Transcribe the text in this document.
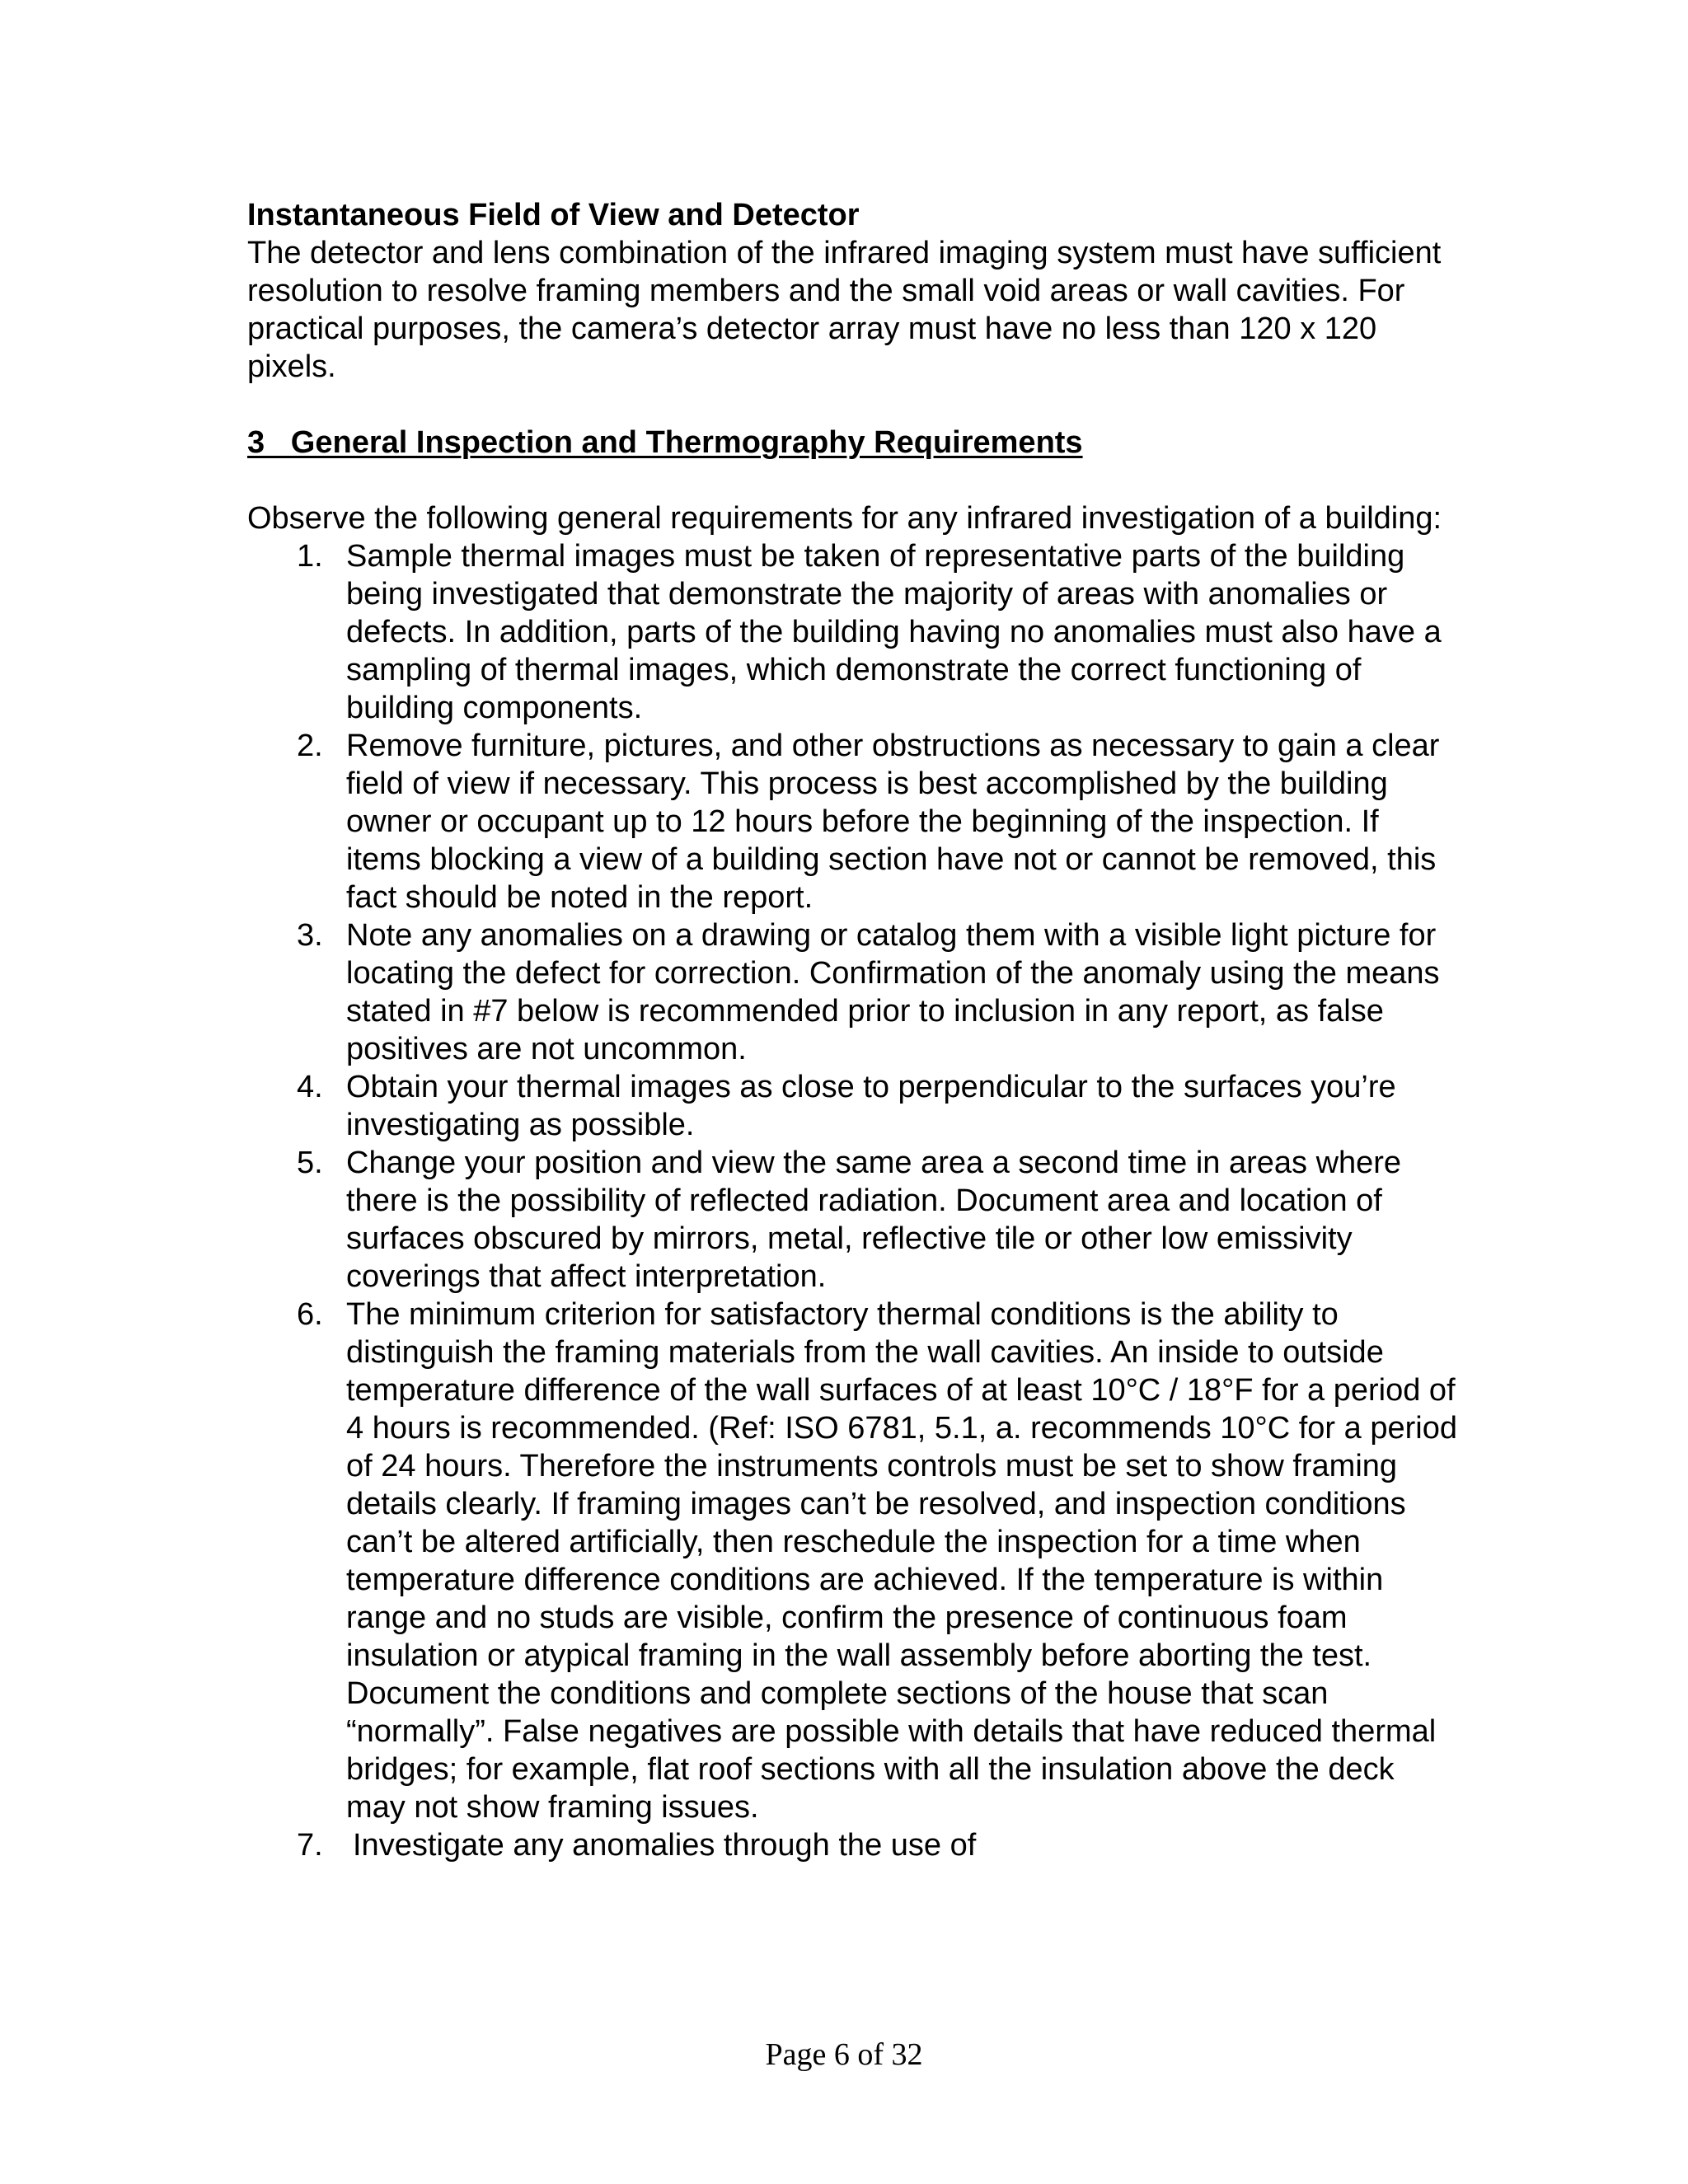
Instantaneous Field of View and Detector

The detector and lens combination of the infrared imaging system must have sufficient resolution to resolve framing members and the small void areas or wall cavities. For practical purposes, the camera’s detector array must have no less than 120 x 120 pixels.

3   General Inspection and Thermography Requirements

Observe the following general requirements for any infrared investigation of a building:

1. Sample thermal images must be taken of representative parts of the building being investigated that demonstrate the majority of areas with anomalies or defects. In addition, parts of the building having no anomalies must also have a sampling of thermal images, which demonstrate the correct functioning of building components.
2. Remove furniture, pictures, and other obstructions as necessary to gain a clear field of view if necessary. This process is best accomplished by the building owner or occupant up to 12 hours before the beginning of the inspection. If items blocking a view of a building section have not or cannot be removed, this fact should be noted in the report.
3. Note any anomalies on a drawing or catalog them with a visible light picture for locating the defect for correction. Confirmation of the anomaly using the means stated in #7 below is recommended prior to inclusion in any report, as false positives are not uncommon.
4. Obtain your thermal images as close to perpendicular to the surfaces you’re investigating as possible.
5. Change your position and view the same area a second time in areas where there is the possibility of reflected radiation. Document area and location of surfaces obscured by mirrors, metal, reflective tile or other low emissivity coverings that affect interpretation.
6. The minimum criterion for satisfactory thermal conditions is the ability to distinguish the framing materials from the wall cavities. An inside to outside temperature difference of the wall surfaces of at least 10°C / 18°F for a period of 4 hours is recommended. (Ref: ISO 6781, 5.1, a. recommends 10°C for a period of 24 hours. Therefore the instruments controls must be set to show framing details clearly. If framing images can’t be resolved, and inspection conditions can’t be altered artificially, then reschedule the inspection for a time when temperature difference conditions are achieved. If the temperature is within range and no studs are visible, confirm the presence of continuous foam insulation or atypical framing in the wall assembly before aborting the test. Document the conditions and complete sections of the house that scan “normally”. False negatives are possible with details that have reduced thermal bridges; for example, flat roof sections with all the insulation above the deck may not show framing issues.
7. Investigate any anomalies through the use of
Page 6 of 32
